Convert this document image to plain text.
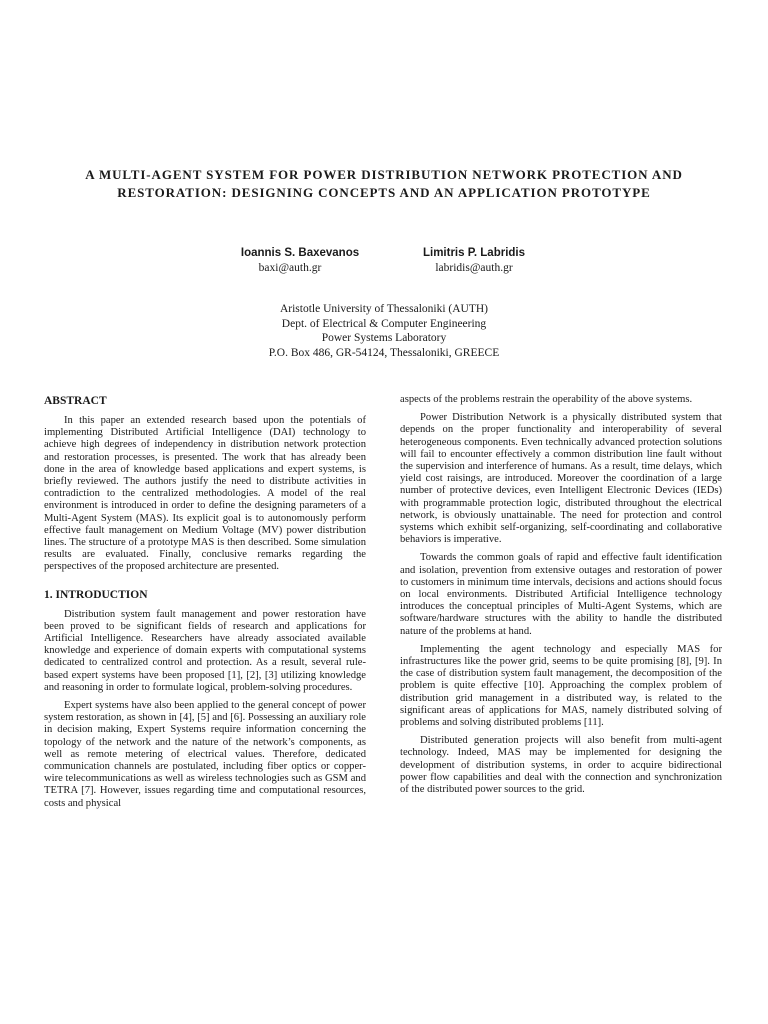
A MULTI-AGENT SYSTEM FOR POWER DISTRIBUTION NETWORK PROTECTION AND RESTORATION: DESIGNING CONCEPTS AND AN APPLICATION PROTOTYPE
Ioannis S. Baxevanos
baxi@auth.gr
Limitris P. Labridis
labridis@auth.gr
Aristotle University of Thessaloniki (AUTH)
Dept. of Electrical & Computer Engineering
Power Systems Laboratory
P.O. Box 486, GR-54124, Thessaloniki, GREECE
ABSTRACT

In this paper an extended research based upon the potentials of implementing Distributed Artificial Intelligence (DAI) technology to achieve high degrees of independency in distribution network protection and restoration processes, is presented. The work that has already been done in the area of knowledge based applications and expert systems, is briefly reviewed. The authors justify the need to distribute activities in contradiction to the centralized methodologies. A model of the real environment is introduced in order to define the designing parameters of a Multi-Agent System (MAS). Its explicit goal is to autonomously perform effective fault management on Medium Voltage (MV) power distribution lines. The structure of a prototype MAS is then described. Some simulation results are evaluated. Finally, conclusive remarks regarding the perspectives of the proposed architecture are presented.

1. INTRODUCTION

Distribution system fault management and power restoration have been proved to be significant fields of research and applications for Artificial Intelligence. Researchers have already associated available knowledge and experience of domain experts with computational systems dedicated to centralized control and protection. As a result, several rule-based expert systems have been proposed [1], [2], [3] utilizing knowledge and reasoning in order to formulate logical, problem-solving procedures.

Expert systems have also been applied to the general concept of power system restoration, as shown in [4], [5] and [6]. Possessing an auxiliary role in decision making, Expert Systems require information concerning the topology of the network and the nature of the network’s components, as well as remote metering of electrical values. Therefore, dedicated communication channels are postulated, including fiber optics or copper-wire telecommunications as well as wireless technologies such as GSM and TETRA [7]. However, issues regarding time and computational resources, costs and physical

aspects of the problems restrain the operability of the above systems.

Power Distribution Network is a physically distributed system that depends on the proper functionality and interoperability of several heterogeneous components. Even technically advanced protection solutions will fail to encounter effectively a common distribution line fault without the supervision and interference of humans. As a result, time delays, which yield cost raisings, are introduced. Moreover the coordination of a large number of protective devices, even Intelligent Electronic Devices (IEDs) with programmable protection logic, distributed throughout the electrical network, is obviously unattainable. The need for protection and control systems which exhibit self-organizing, self-coordinating and collaborative behaviors is imperative.

Towards the common goals of rapid and effective fault identification and isolation, prevention from extensive outages and restoration of power to customers in minimum time intervals, decisions and actions should focus on local environments. Distributed Artificial Intelligence technology introduces the conceptual principles of Multi-Agent Systems, which are software/hardware structures with the ability to handle the distributed nature of the problems at hand.

Implementing the agent technology and especially MAS for infrastructures like the power grid, seems to be quite promising [8], [9]. In the case of distribution system fault management, the decomposition of the problem is quite effective [10]. Approaching the complex problem of distribution grid management in a distributed way, is related to the significant areas of applications for MAS, namely distributed solving of problems and solving distributed problems [11].

Distributed generation projects will also benefit from multi-agent technology. Indeed, MAS may be implemented for designing the development of distribution systems, in order to acquire bidirectional power flow capabilities and deal with the connection and synchronization of the distributed power sources to the grid.
